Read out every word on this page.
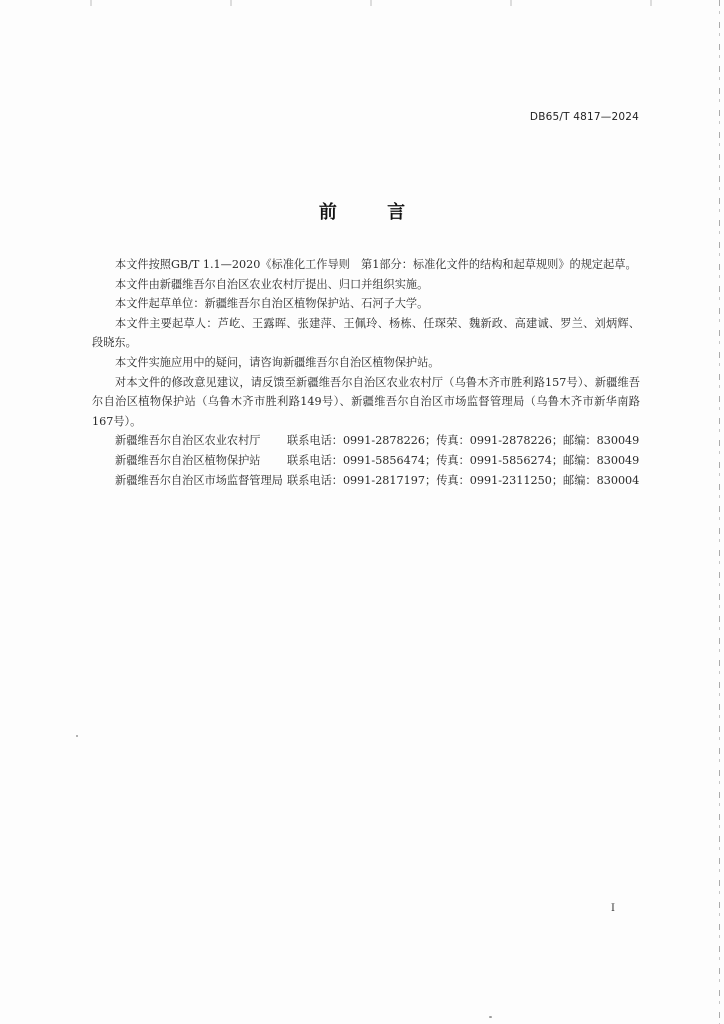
DB65/T 4817—2024
前 言

本文件按照GB/T 1.1—2020《标准化工作导则　第1部分：标准化文件的结构和起草规则》的规定起草。

本文件由新疆维吾尔自治区农业农村厅提出、归口并组织实施。

本文件起草单位：新疆维吾尔自治区植物保护站、石河子大学。

本文件主要起草人：芦屹、王露晖、张建萍、王佩玲、杨栋、任琛荣、魏新政、高建诚、罗兰、刘炳辉、段晓东。

本文件实施应用中的疑问，请咨询新疆维吾尔自治区植物保护站。

对本文件的修改意见建议，请反馈至新疆维吾尔自治区农业农村厅（乌鲁木齐市胜利路157号）、新疆维吾尔自治区植物保护站（乌鲁木齐市胜利路149号）、新疆维吾尔自治区市场监督管理局（乌鲁木齐市新华南路167号）。

新疆维吾尔自治区农业农村厅 联系电话：0991-2878226；传真：0991-2878226；邮编：830049

新疆维吾尔自治区植物保护站 联系电话：0991-5856474；传真：0991-5856274；邮编：830049

新疆维吾尔自治区市场监督管理局 联系电话：0991-2817197；传真：0991-2311250；邮编：830004

I
